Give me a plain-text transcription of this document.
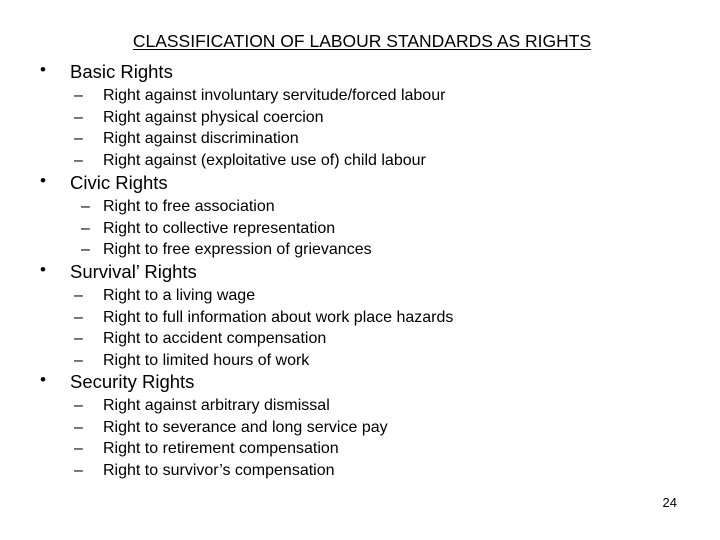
CLASSIFICATION OF LABOUR STANDARDS AS RIGHTS
• Basic Rights
– Right against involuntary servitude/forced labour
– Right against physical coercion
– Right against discrimination
– Right against (exploitative use of) child labour
• Civic Rights
– Right to free association
– Right to collective representation
– Right to free expression of grievances
• Survival’ Rights
– Right to a living wage
– Right to full information about work place hazards
– Right to accident compensation
– Right to limited hours of work
• Security Rights
– Right against arbitrary dismissal
– Right to severance and long service pay
– Right to retirement compensation
– Right to survivor’s compensation
24
